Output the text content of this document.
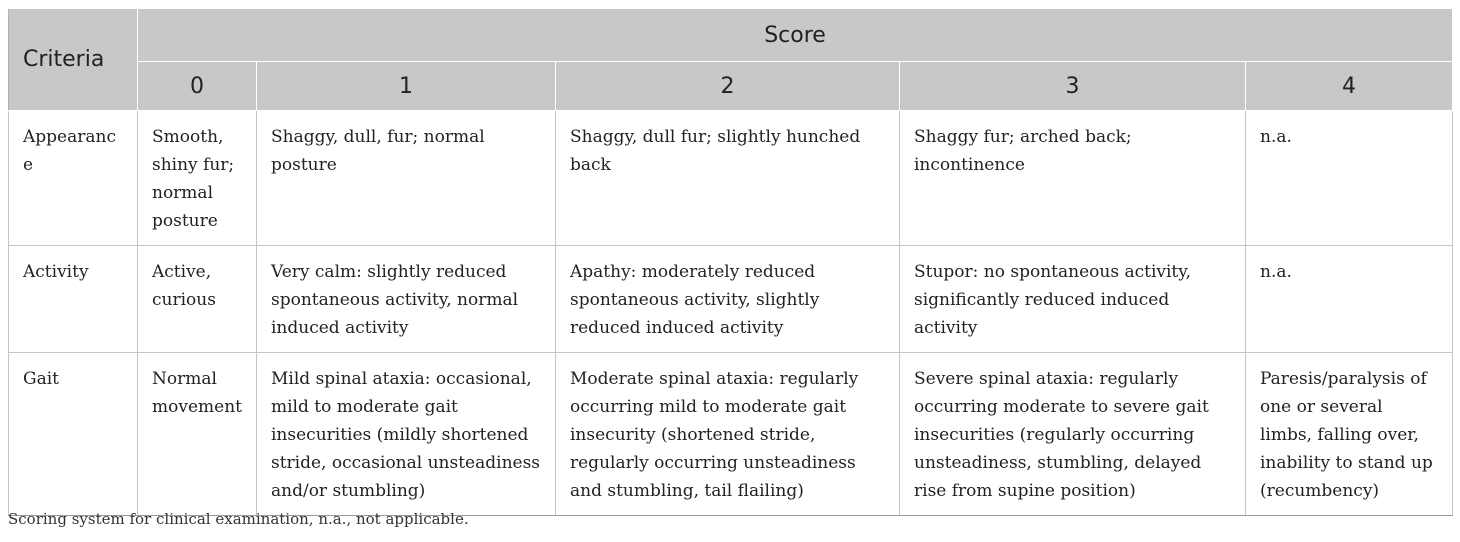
Criteria	Score				
	0	1	2	3	4
Appearance	Smooth, shiny fur; normal posture	Shaggy, dull, fur; normal posture	Shaggy, dull fur; slightly hunched back	Shaggy fur; arched back; incontinence	n.a.
Activity	Active, curious	Very calm: slightly reduced spontaneous activity, normal induced activity	Apathy: moderately reduced spontaneous activity, slightly reduced induced activity	Stupor: no spontaneous activity, significantly reduced induced activity	n.a.
Gait	Normal movement	Mild spinal ataxia: occasional, mild to moderate gait insecurities (mildly shortened stride, occasional unsteadiness and/or stumbling)	Moderate spinal ataxia: regularly occurring mild to moderate gait insecurity (shortened stride, regularly occurring unsteadiness and stumbling, tail flailing)	Severe spinal ataxia: regularly occurring moderate to severe gait insecurities (regularly occurring unsteadiness, stumbling, delayed rise from supine position)	Paresis/paralysis of one or several limbs, falling over, inability to stand up (recumbency)

Scoring system for clinical examination, n.a., not applicable.
